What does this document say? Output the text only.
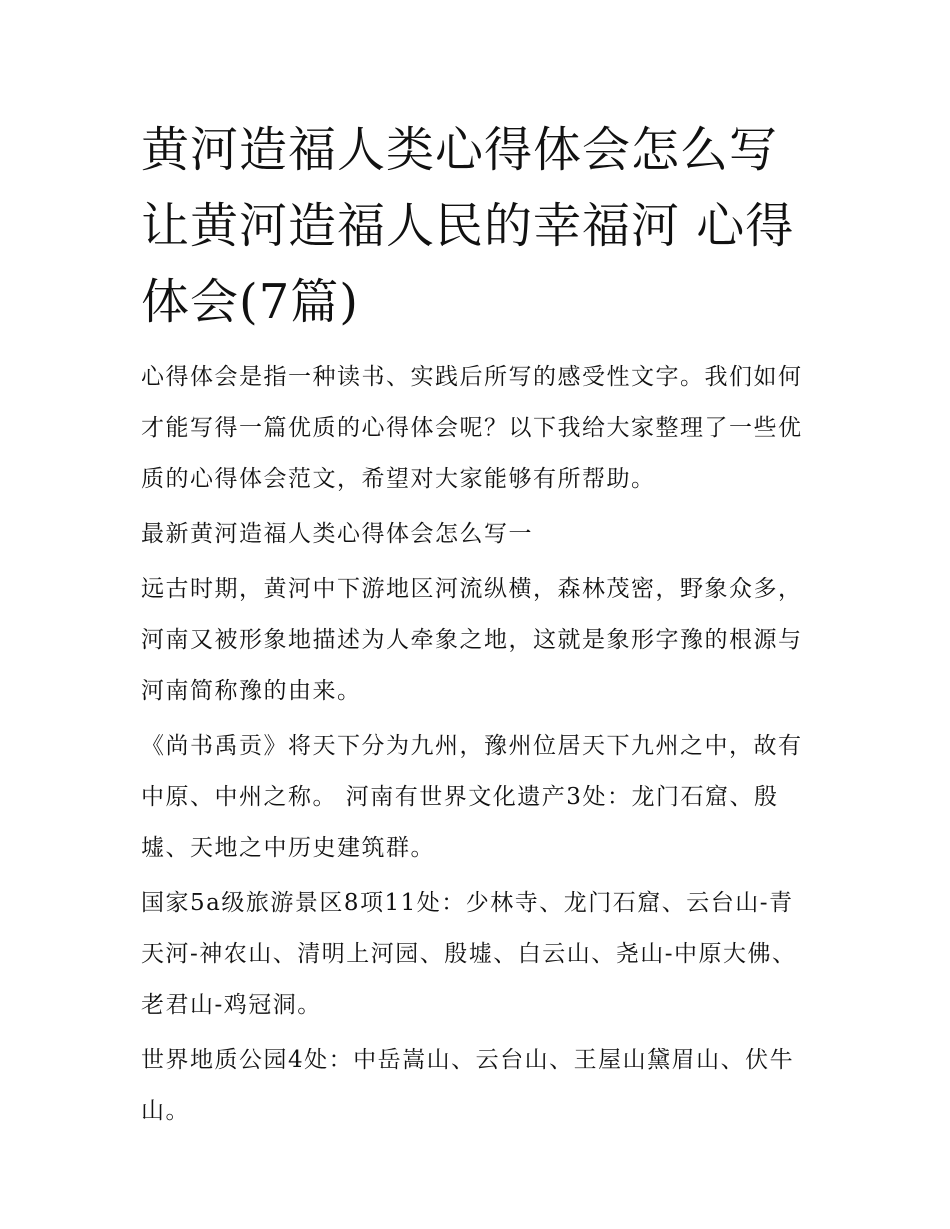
黄河造福人类心得体会怎么写
让黄河造福人民的幸福河 心得
体会(7篇)

心得体会是指一种读书、实践后所写的感受性文字。我们如何才能写得一篇优质的心得体会呢？以下我给大家整理了一些优质的心得体会范文，希望对大家能够有所帮助。

最新黄河造福人类心得体会怎么写一

远古时期，黄河中下游地区河流纵横，森林茂密，野象众多，河南又被形象地描述为人牵象之地，这就是象形字豫的根源与河南简称豫的由来。

《尚书禹贡》将天下分为九州，豫州位居天下九州之中，故有中原、中州之称。 河南有世界文化遗产3处：龙门石窟、殷墟、天地之中历史建筑群。

国家5a级旅游景区8项11处：少林寺、龙门石窟、云台山-青天河-神农山、清明上河园、殷墟、白云山、尧山-中原大佛、老君山-鸡冠洞。

世界地质公园4处：中岳嵩山、云台山、王屋山黛眉山、伏牛山。
